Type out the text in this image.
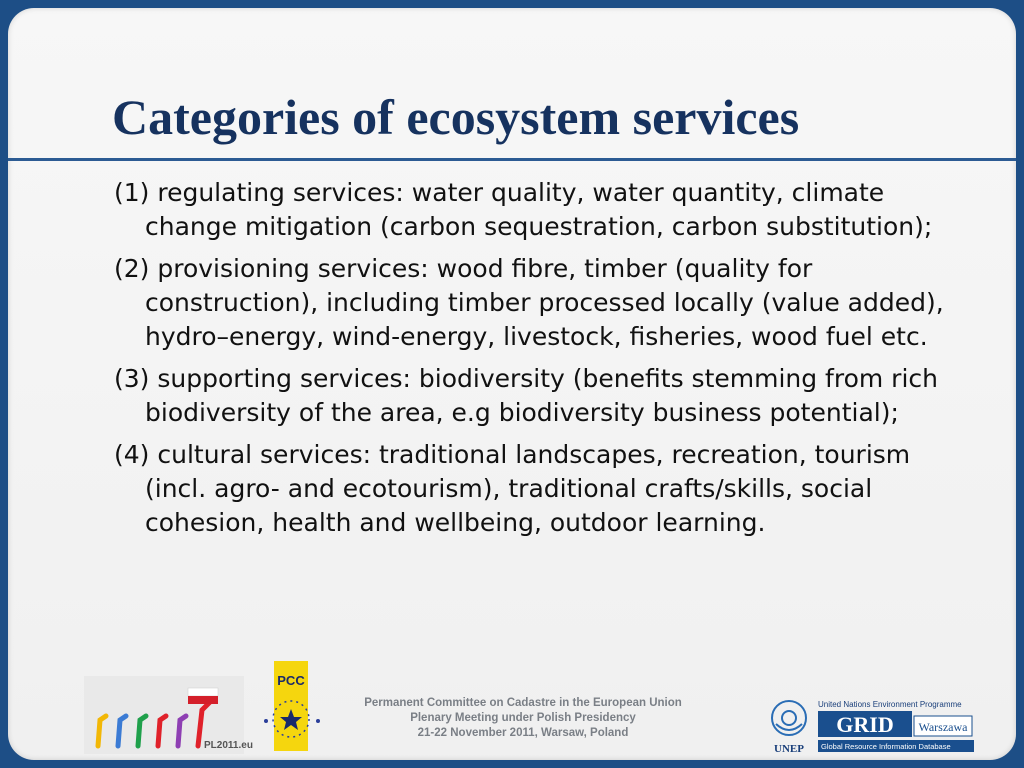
Categories of ecosystem services
(1) regulating services: water quality, water quantity, climate change mitigation (carbon sequestration, carbon substitution);
(2) provisioning services: wood fibre, timber (quality for construction), including timber processed locally (value added), hydro–energy, wind-energy, livestock, fisheries, wood fuel etc.
(3) supporting services: biodiversity (benefits stemming from rich biodiversity of the area, e.g biodiversity business potential);
(4) cultural services: traditional landscapes, recreation, tourism (incl. agro- and ecotourism), traditional crafts/skills, social cohesion, health and wellbeing, outdoor learning.
PL2011.eu
PCC
Permanent Committee on Cadastre in the European Union
Plenary Meeting under Polish Presidency
21-22 November 2011, Warsaw, Poland
UNEP
United Nations Environment Programme
GRID Warszawa
Global Resource Information Database
